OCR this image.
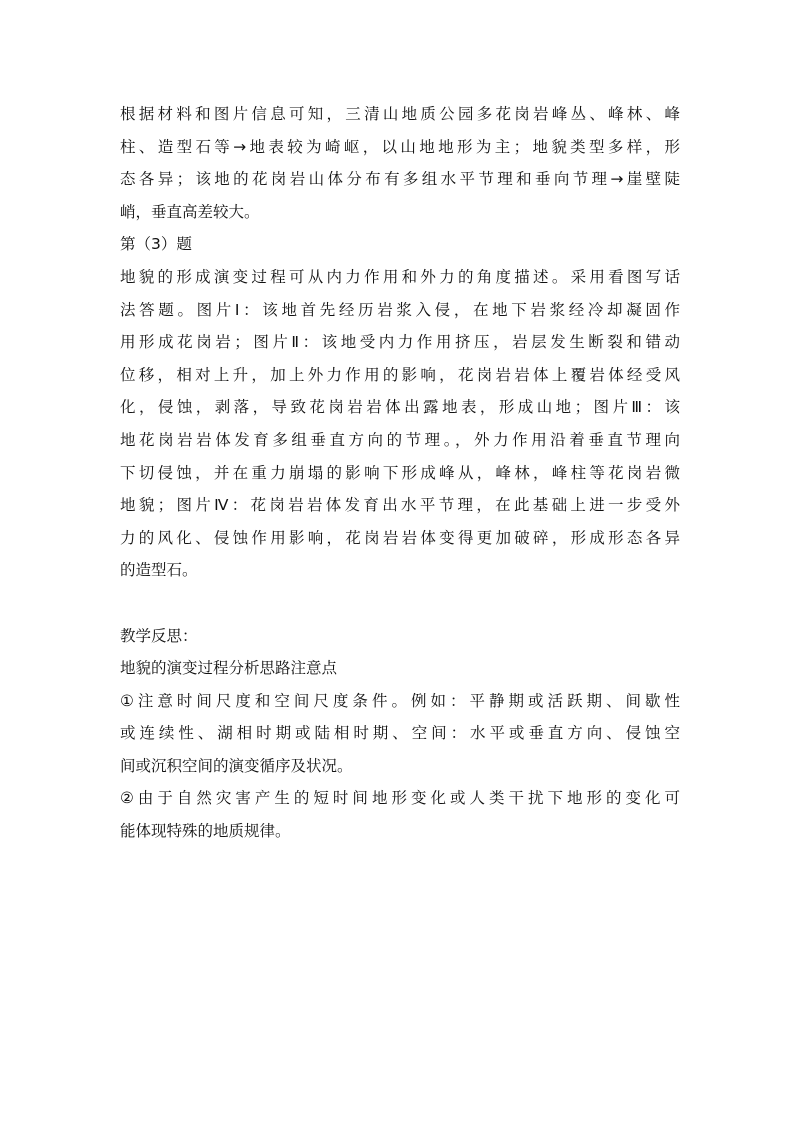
根据材料和图片信息可知，三清山地质公园多花岗岩峰丛、峰林、峰
柱、造型石等→地表较为崎岖，以山地地形为主；地貌类型多样，形
态各异；该地的花岗岩山体分布有多组水平节理和垂向节理→崖壁陡
峭，垂直高差较大。
第（3）题
地貌的形成演变过程可从内力作用和外力的角度描述。采用看图写话
法答题。图片Ⅰ：该地首先经历岩浆入侵，在地下岩浆经冷却凝固作
用形成花岗岩；图片Ⅱ：该地受内力作用挤压，岩层发生断裂和错动
位移，相对上升，加上外力作用的影响，花岗岩岩体上覆岩体经受风
化，侵蚀，剥落，导致花岗岩岩体出露地表，形成山地；图片Ⅲ：该
地花岗岩岩体发育多组垂直方向的节理。，外力作用沿着垂直节理向
下切侵蚀，并在重力崩塌的影响下形成峰从，峰林，峰柱等花岗岩微
地貌；图片Ⅳ：花岗岩岩体发育出水平节理，在此基础上进一步受外
力的风化、侵蚀作用影响，花岗岩岩体变得更加破碎，形成形态各异
的造型石。
教学反思：
地貌的演变过程分析思路注意点
①注意时间尺度和空间尺度条件。例如：平静期或活跃期、间歇性
或连续性、湖相时期或陆相时期、空间：水平或垂直方向、侵蚀空
间或沉积空间的演变循序及状况。
②由于自然灾害产生的短时间地形变化或人类干扰下地形的变化可
能体现特殊的地质规律。
